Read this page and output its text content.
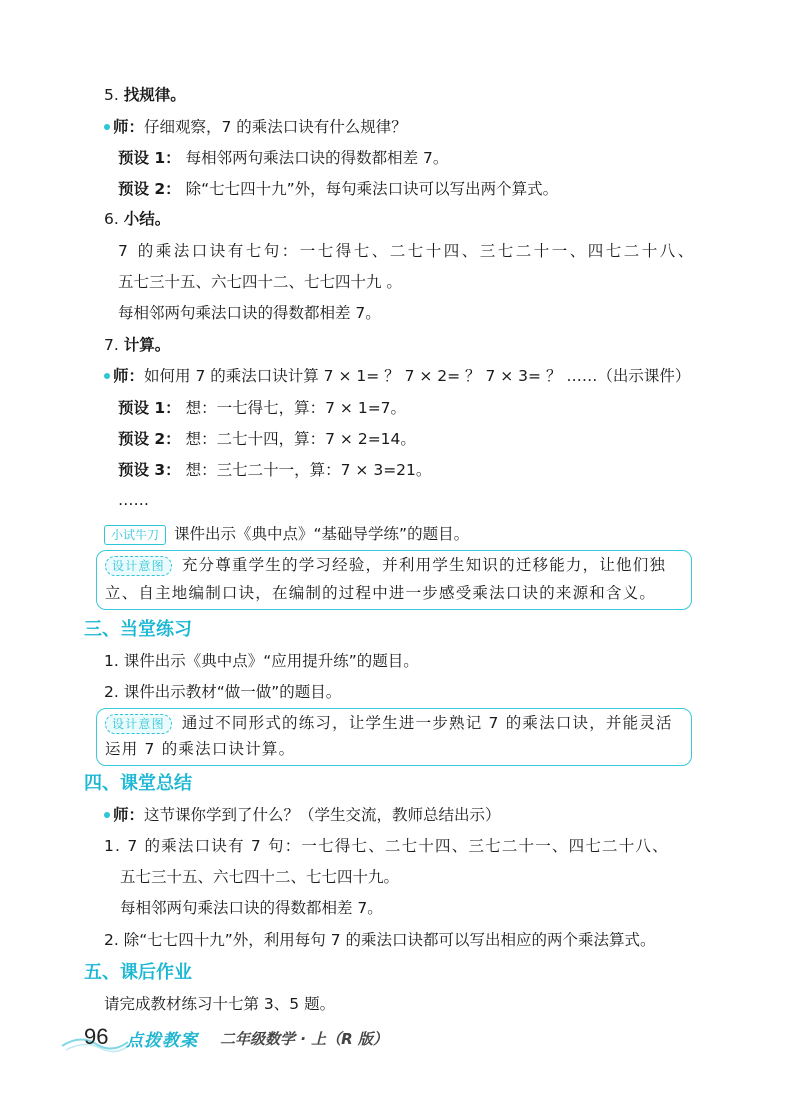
5. 找规律。
师：仔细观察，7 的乘法口诀有什么规律？
预设 1： 每相邻两句乘法口诀的得数都相差 7。
预设 2： 除“七七四十九”外，每句乘法口诀可以写出两个算式。
6. 小结。
7 的乘法口诀有七句：一七得七、二七十四、三七二十一、四七二十八、
五七三十五、六七四十二、七七四十九 。
每相邻两句乘法口诀的得数都相差 7。
7. 计算。
师：如何用 7 的乘法口诀计算 7 × 1= ？ 7 × 2= ？ 7 × 3= ？ ……（出示课件）
预设 1： 想：一七得七，算：7 × 1=7。
预设 2： 想：二七十四，算：7 × 2=14。
预设 3： 想：三七二十一，算：7 × 3=21。
……
小试牛刀 课件出示《典中点》“基础导学练”的题目。
设计意图 充分尊重学生的学习经验，并利用学生知识的迁移能力，让他们独
立、自主地编制口诀，在编制的过程中进一步感受乘法口诀的来源和含义。
三、当堂练习
1. 课件出示《典中点》“应用提升练”的题目。
2. 课件出示教材“做一做”的题目。
设计意图 通过不同形式的练习，让学生进一步熟记 7 的乘法口诀，并能灵活
运用 7 的乘法口诀计算。
四、课堂总结
师：这节课你学到了什么？（学生交流，教师总结出示）
1. 7 的乘法口诀有 7 句：一七得七、二七十四、三七二十一、四七二十八、
五七三十五、六七四十二、七七四十九。
每相邻两句乘法口诀的得数都相差 7。
2. 除“七七四十九”外，利用每句 7 的乘法口诀都可以写出相应的两个乘法算式。
五、课后作业
请完成教材练习十七第 3、5 题。
96 点拨教案 二年级数学 · 上（R 版）
